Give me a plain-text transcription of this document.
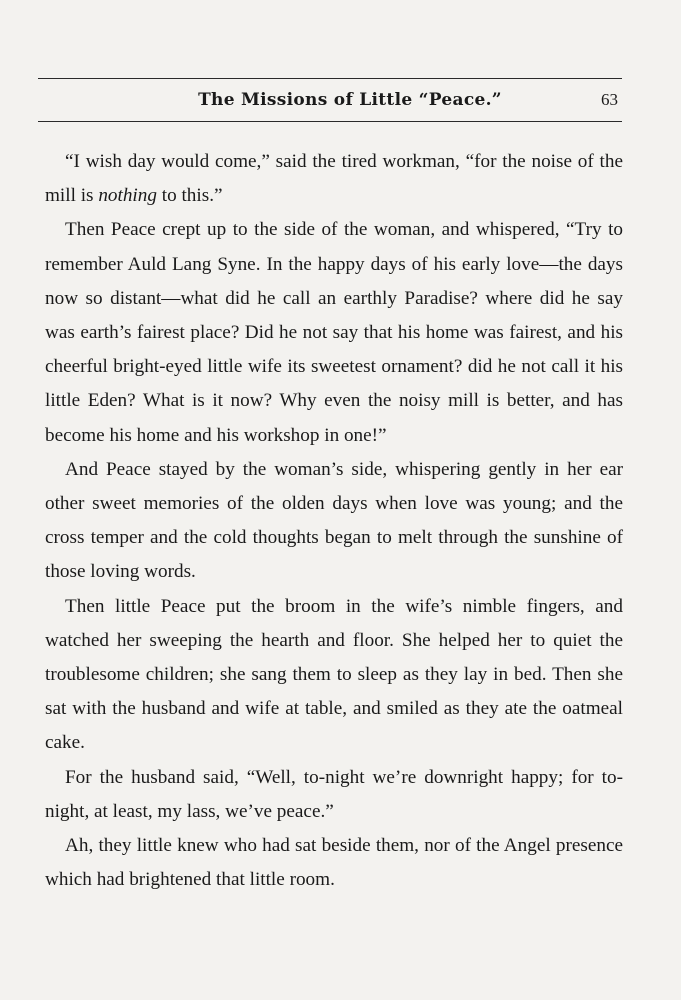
The Missions of Little “Peace.”	63

“I wish day would come,” said the tired workman, “for the noise of the mill is nothing to this.”

Then Peace crept up to the side of the woman, and whispered, “Try to remember Auld Lang Syne. In the happy days of his early love—the days now so distant—what did he call an earthly Paradise? where did he say was earth’s fairest place? Did he not say that his home was fairest, and his cheerful bright-eyed little wife its sweetest ornament? did he not call it his little Eden? What is it now? Why even the noisy mill is better, and has become his home and his workshop in one!”

And Peace stayed by the woman’s side, whispering gently in her ear other sweet memories of the olden days when love was young; and the cross temper and the cold thoughts began to melt through the sunshine of those loving words.

Then little Peace put the broom in the wife’s nimble fingers, and watched her sweeping the hearth and floor. She helped her to quiet the troublesome children; she sang them to sleep as they lay in bed. Then she sat with the husband and wife at table, and smiled as they ate the oatmeal cake.

For the husband said, “Well, to-night we’re downright happy; for to-night, at least, my lass, we’ve peace.”

Ah, they little knew who had sat beside them, nor of the Angel presence which had brightened that little room.
